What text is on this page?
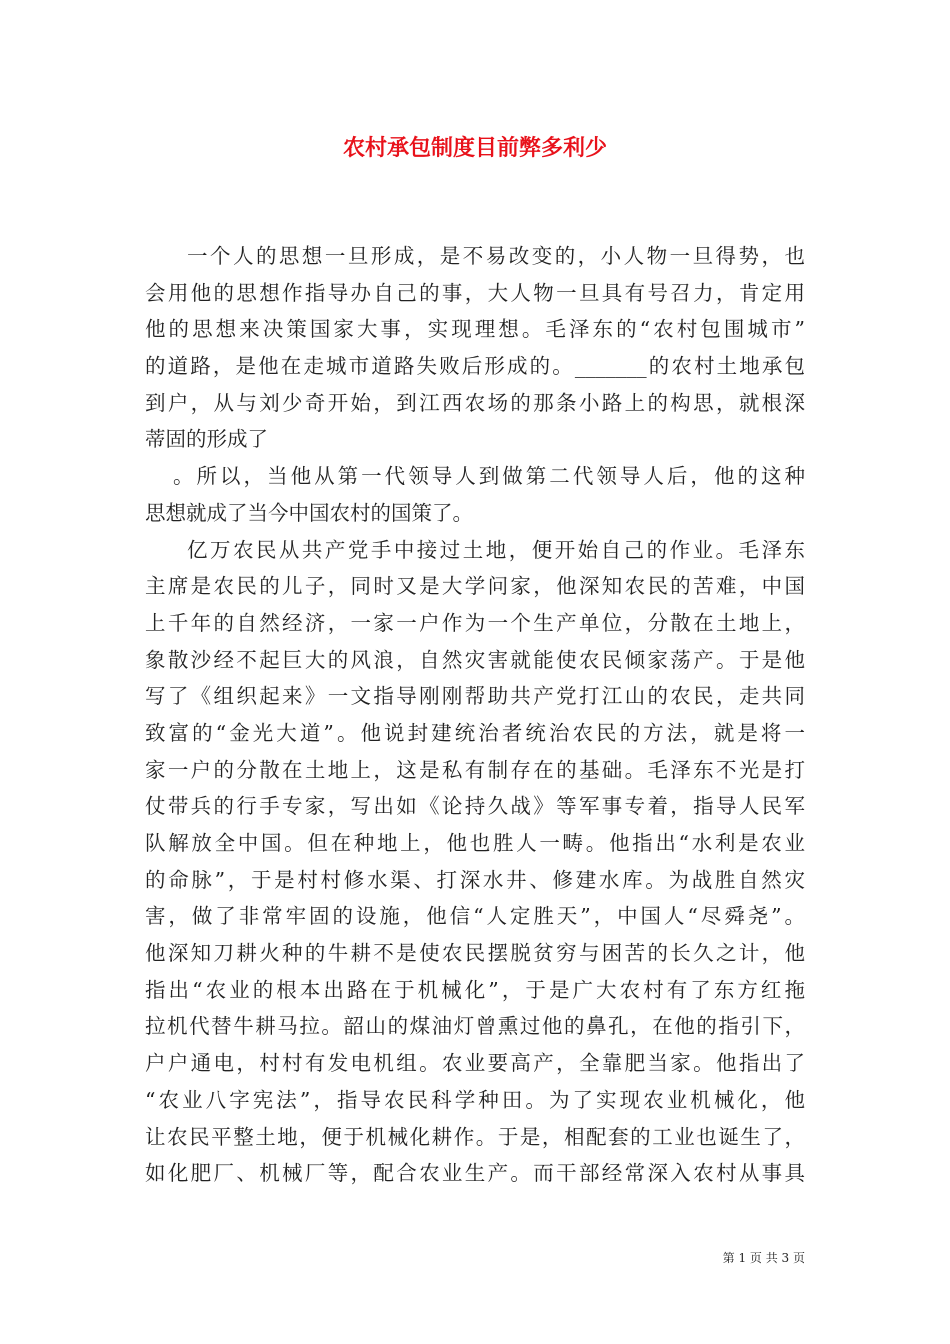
农村承包制度目前弊多利少
一个人的思想一旦形成，是不易改变的，小人物一旦得势，也
会用他的思想作指导办自己的事，大人物一旦具有号召力，肯定用
他的思想来决策国家大事，实现理想。毛泽东的“农村包围城市”
的道路，是他在走城市道路失败后形成的。_______的农村土地承包
到户，从与刘少奇开始，到江西农场的那条小路上的构思，就根深
蒂固的形成了
。所以，当他从第一代领导人到做第二代领导人后，他的这种
思想就成了当今中国农村的国策了。
亿万农民从共产党手中接过土地，便开始自己的作业。毛泽东
主席是农民的儿子，同时又是大学问家，他深知农民的苦难，中国
上千年的自然经济，一家一户作为一个生产单位，分散在土地上，
象散沙经不起巨大的风浪，自然灾害就能使农民倾家荡产。于是他
写了《组织起来》一文指导刚刚帮助共产党打江山的农民，走共同
致富的“金光大道”。他说封建统治者统治农民的方法，就是将一
家一户的分散在土地上，这是私有制存在的基础。毛泽东不光是打
仗带兵的行手专家，写出如《论持久战》等军事专着，指导人民军
队解放全中国。但在种地上，他也胜人一畴。他指出“水利是农业
的命脉”，于是村村修水渠、打深水井、修建水库。为战胜自然灾
害，做了非常牢固的设施，他信“人定胜天”，中国人“尽舜尧”。
他深知刀耕火种的牛耕不是使农民摆脱贫穷与困苦的长久之计，他
指出“农业的根本出路在于机械化”，于是广大农村有了东方红拖
拉机代替牛耕马拉。韶山的煤油灯曾熏过他的鼻孔，在他的指引下，
户户通电，村村有发电机组。农业要高产，全靠肥当家。他指出了
“农业八字宪法”，指导农民科学种田。为了实现农业机械化，他
让农民平整土地，便于机械化耕作。于是，相配套的工业也诞生了，
如化肥厂、机械厂等，配合农业生产。而干部经常深入农村从事具
第 1 页 共 3 页
